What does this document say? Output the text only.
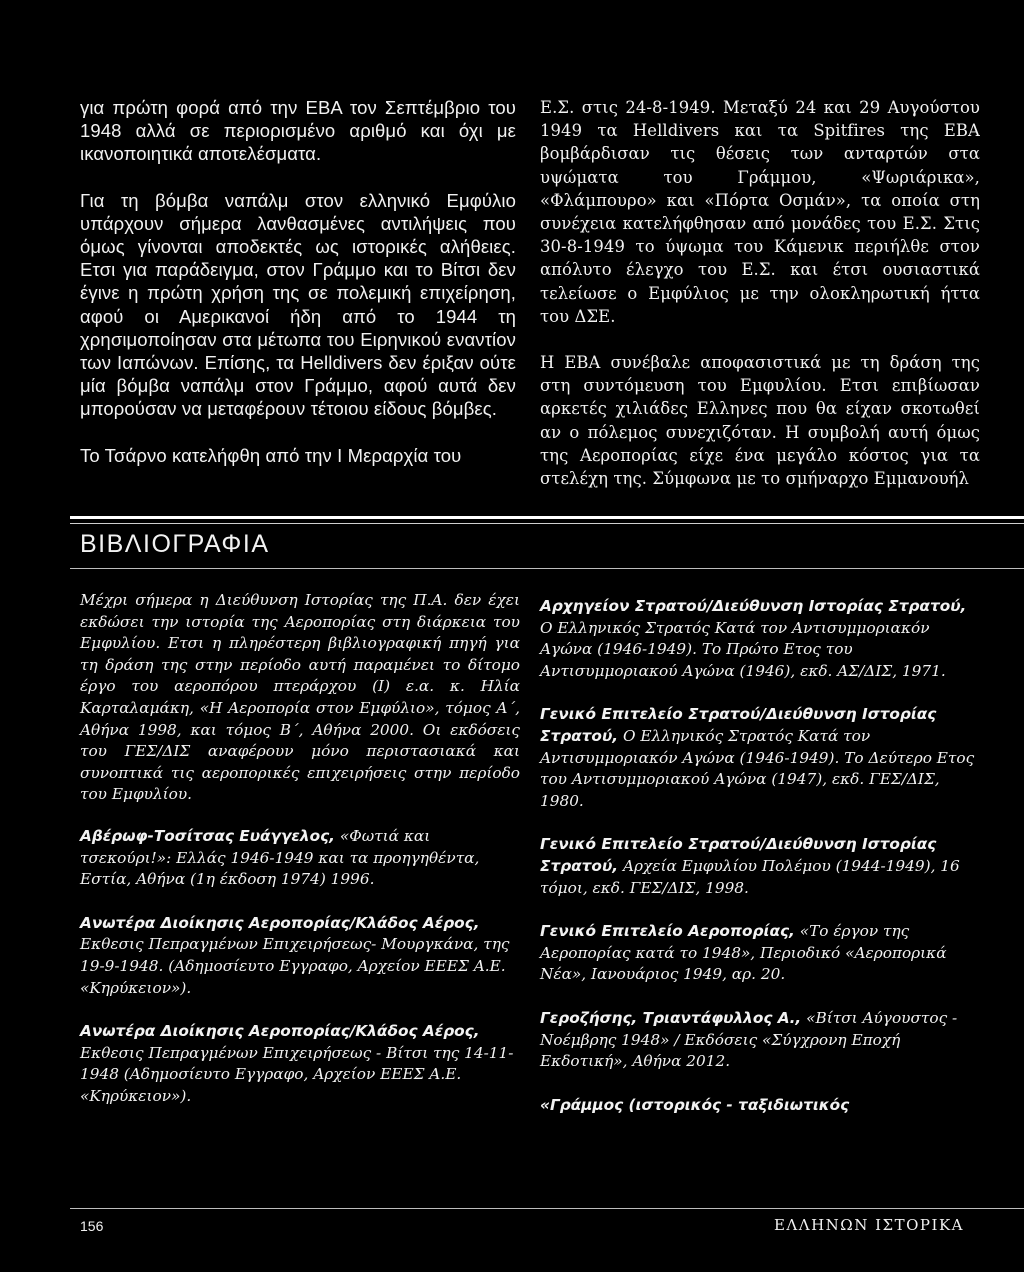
για πρώτη φορά από την ΕΒΑ τον Σεπτέμβριο του 1948 αλλά σε περιορισμένο αριθμό και όχι με ικανοποιητικά αποτελέσματα.

Για τη βόμβα ναπάλμ στον ελληνικό Εμφύλιο υπάρχουν σήμερα λανθασμένες αντιλήψεις που όμως γίνονται αποδεκτές ως ιστορικές αλήθειες. Ετσι για παράδειγμα, στον Γράμμο και το Βίτσι δεν έγινε η πρώτη χρήση της σε πολεμική επιχείρηση, αφού οι Αμερικανοί ήδη από το 1944 τη χρησιμοποίησαν στα μέτωπα του Ειρηνικού εναντίον των Ιαπώνων. Επίσης, τα Helldivers δεν έριξαν ούτε μία βόμβα ναπάλμ στον Γράμμο, αφού αυτά δεν μπορούσαν να μεταφέρουν τέτοιου είδους βόμβες.

Το Τσάρνο κατελήφθη από την Ι Μεραρχία του

Ε.Σ. στις 24-8-1949. Μεταξύ 24 και 29 Αυγούστου 1949 τα Helldivers και τα Spitfires της ΕΒΑ βομβάρδισαν τις θέσεις των ανταρτών στα υψώματα του Γράμμου, «Ψωριάρικα», «Φλάμπουρο» και «Πόρτα Οσμάν», τα οποία στη συνέχεια κατελήφθησαν από μονάδες του Ε.Σ. Στις 30-8-1949 το ύψωμα του Κάμενικ περιήλθε στον απόλυτο έλεγχο του Ε.Σ. και έτσι ουσιαστικά τελείωσε ο Εμφύλιος με την ολοκληρωτική ήττα του ΔΣΕ.

Η ΕΒΑ συνέβαλε αποφασιστικά με τη δράση της στη συντόμευση του Εμφυλίου. Ετσι επιβίωσαν αρκετές χιλιάδες Ελληνες που θα είχαν σκοτωθεί αν ο πόλεμος συνεχιζόταν. Η συμβολή αυτή όμως της Αεροπορίας είχε ένα μεγάλο κόστος για τα στελέχη της. Σύμφωνα με το σμήναρχο Εμμανουήλ

ΒΙΒΛΙΟΓΡΑΦΙΑ

Μέχρι σήμερα η Διεύθυνση Ιστορίας της Π.Α. δεν έχει εκδώσει την ιστορία της Αεροπορίας στη διάρκεια του Εμφυλίου. Ετσι η πληρέστερη βιβλιογραφική πηγή για τη δράση της στην περίοδο αυτή παραμένει το δίτομο έργο του αεροπόρου πτεράρχου (Ι) ε.α. κ. Ηλία Καρταλαμάκη, «Η Αεροπορία στον Εμφύλιο», τόμος Α΄, Αθήνα 1998, και τόμος Β΄, Αθήνα 2000. Οι εκδόσεις του ΓΕΣ/ΔΙΣ αναφέρουν μόνο περιστασιακά και συνοπτικά τις αεροπορικές επιχειρήσεις στην περίοδο του Εμφυλίου.

Αβέρωφ-Τοσίτσας Ευάγγελος, «Φωτιά και τσεκούρι!»: Ελλάς 1946-1949 και τα προηγηθέντα, Εστία, Αθήνα (1η έκδοση 1974) 1996.

Ανωτέρα Διοίκησις Αεροπορίας/Κλάδος Αέρος, Εκθεσις Πεπραγμένων Επιχειρήσεως- Μουργκάνα, της 19-9-1948. (Αδημοσίευτο Εγγραφο, Αρχείον ΕΕΕΣ Α.Ε. «Κηρύκειον»).

Ανωτέρα Διοίκησις Αεροπορίας/Κλάδος Αέρος, Εκθεσις Πεπραγμένων Επιχειρήσεως - Βίτσι της 14-11-1948 (Αδημοσίευτο Εγγραφο, Αρχείον ΕΕΕΣ Α.Ε. «Κηρύκειον»).

Αρχηγείον Στρατού/Διεύθυνση Ιστορίας Στρατού, Ο Ελληνικός Στρατός Κατά τον Αντισυμμοριακόν Αγώνα (1946-1949). Το Πρώτο Ετος του Αντισυμμοριακού Αγώνα (1946), εκδ. ΑΣ/ΔΙΣ, 1971.

Γενικό Επιτελείο Στρατού/Διεύθυνση Ιστορίας Στρατού, Ο Ελληνικός Στρατός Κατά τον Αντισυμμοριακόν Αγώνα (1946-1949). Το Δεύτερο Ετος του Αντισυμμοριακού Αγώνα (1947), εκδ. ΓΕΣ/ΔΙΣ, 1980.

Γενικό Επιτελείο Στρατού/Διεύθυνση Ιστορίας Στρατού, Αρχεία Εμφυλίου Πολέμου (1944-1949), 16 τόμοι, εκδ. ΓΕΣ/ΔΙΣ, 1998.

Γενικό Επιτελείο Αεροπορίας, «Το έργον της Αεροπορίας κατά το 1948», Περιοδικό «Αεροπορικά Νέα», Ιανουάριος 1949, αρ. 20.

Γεροζήσης, Τριαντάφυλλος Α., «Βίτσι Αύγουστος - Νοέμβρης 1948» / Εκδόσεις «Σύγχρονη Εποχή Εκδοτική», Αθήνα 2012.

«Γράμμος (ιστορικός - ταξιδιωτικός

156	ΕΛΛΗΝΩΝ ΙΣΤΟΡΙΚΑ
